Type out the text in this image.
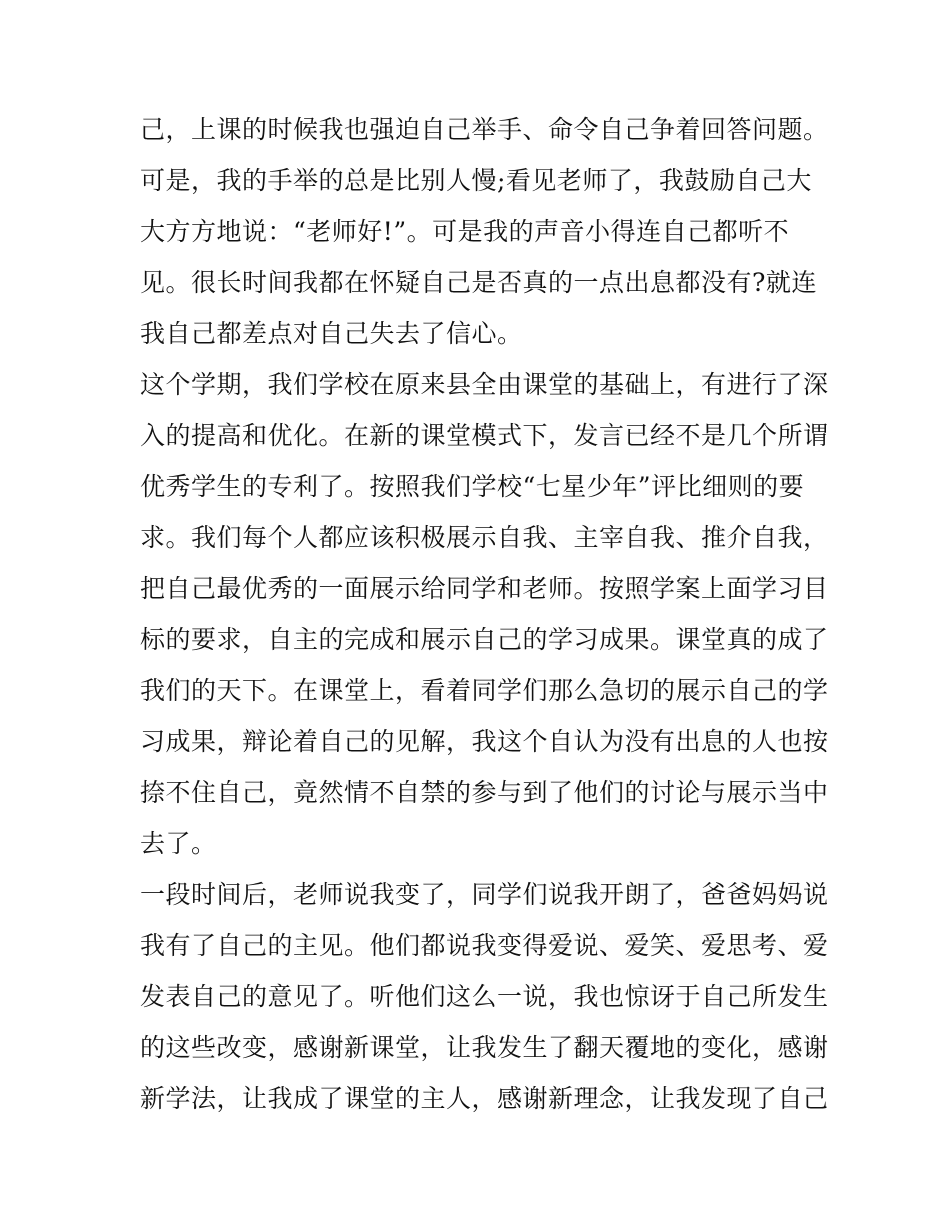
己，上课的时候我也强迫自己举手、命令自己争着回答问题。
可是，我的手举的总是比别人慢;看见老师了，我鼓励自己大
大方方地说：“老师好!”。可是我的声音小得连自己都听不
见。很长时间我都在怀疑自己是否真的一点出息都没有?就连
我自己都差点对自己失去了信心。
这个学期，我们学校在原来县全由课堂的基础上，有进行了深
入的提高和优化。在新的课堂模式下，发言已经不是几个所谓
优秀学生的专利了。按照我们学校“七星少年”评比细则的要
求。我们每个人都应该积极展示自我、主宰自我、推介自我，
把自己最优秀的一面展示给同学和老师。按照学案上面学习目
标的要求，自主的完成和展示自己的学习成果。课堂真的成了
我们的天下。在课堂上，看着同学们那么急切的展示自己的学
习成果，辩论着自己的见解，我这个自认为没有出息的人也按
捺不住自己，竟然情不自禁的参与到了他们的讨论与展示当中
去了。
一段时间后，老师说我变了，同学们说我开朗了，爸爸妈妈说
我有了自己的主见。他们都说我变得爱说、爱笑、爱思考、爱
发表自己的意见了。听他们这么一说，我也惊讶于自己所发生
的这些改变，感谢新课堂，让我发生了翻天覆地的变化，感谢
新学法，让我成了课堂的主人，感谢新理念，让我发现了自己
